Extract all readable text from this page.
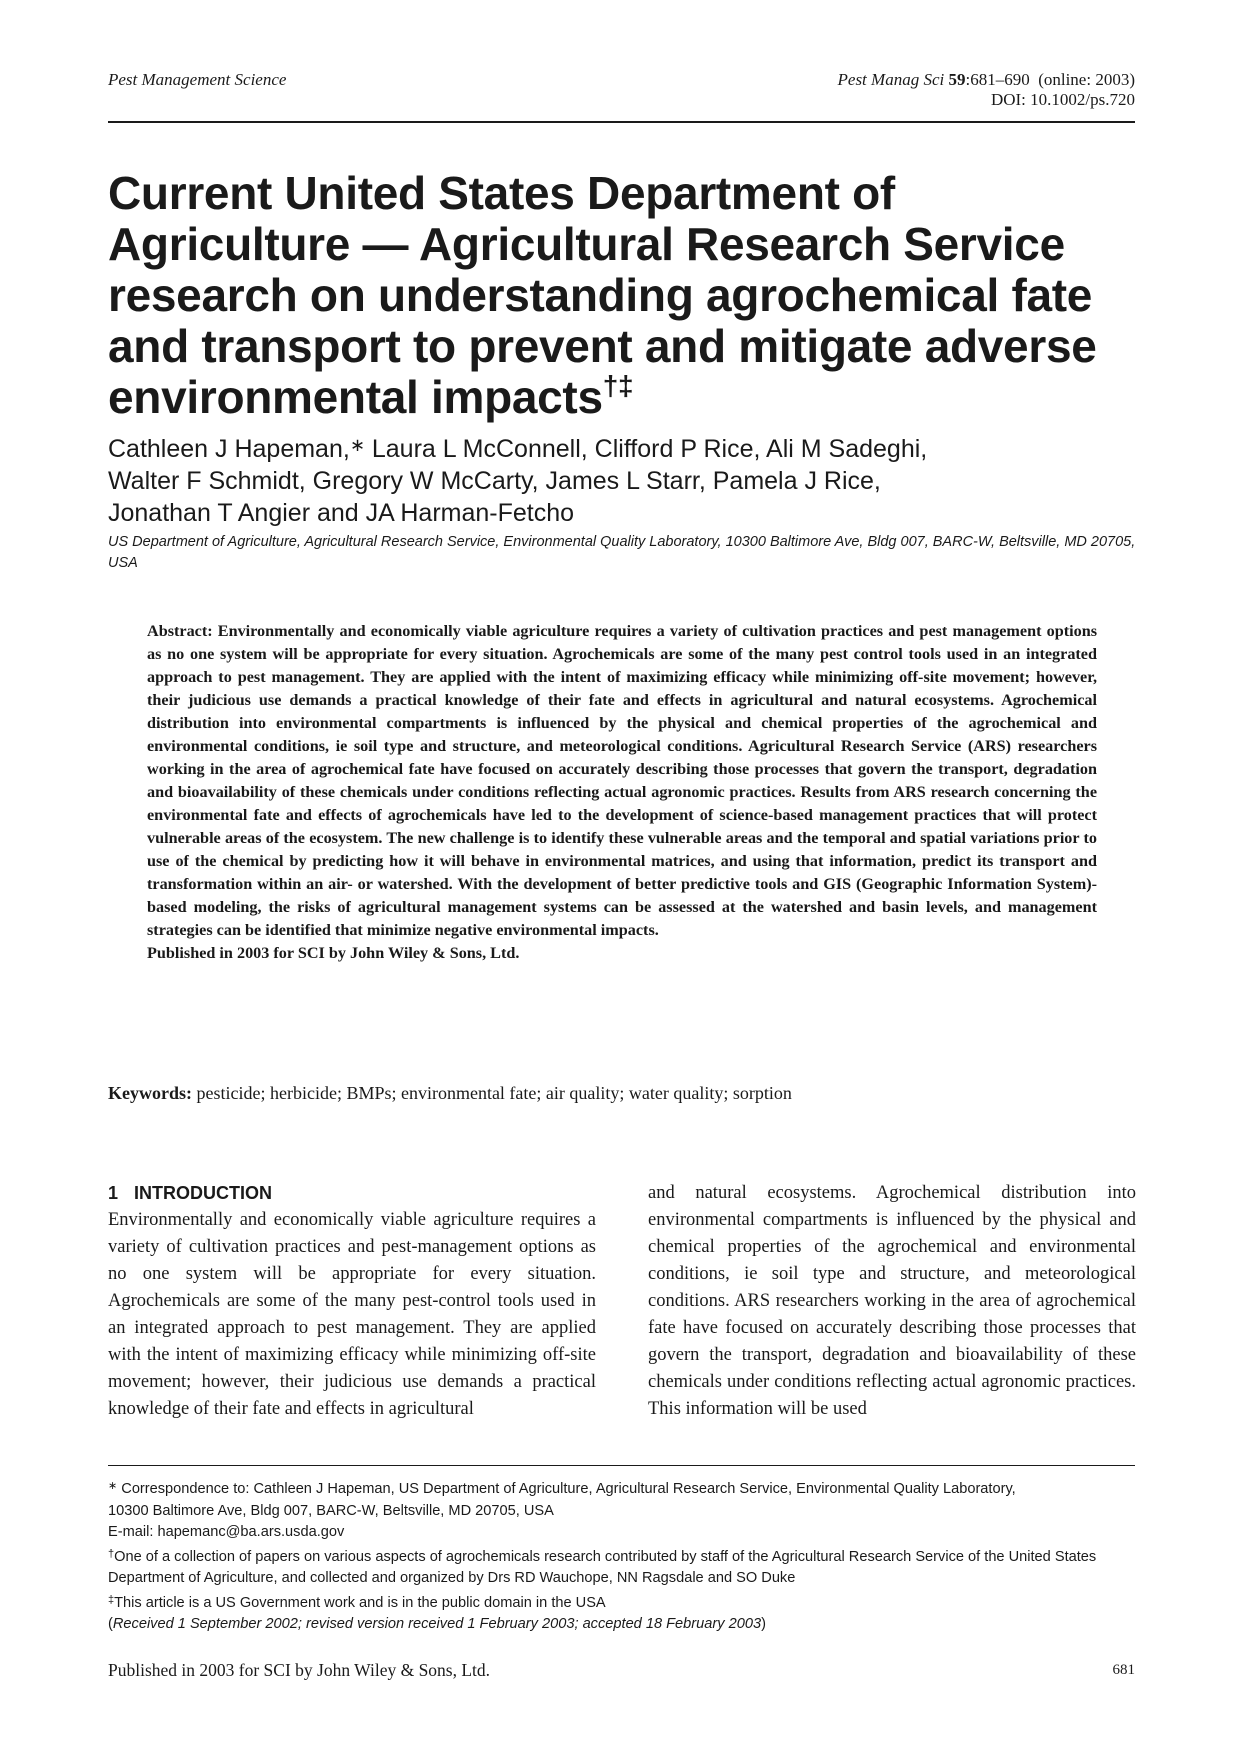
Pest Management Science	Pest Manag Sci 59:681–690 (online: 2003)
DOI: 10.1002/ps.720
Current United States Department of
Agriculture — Agricultural Research Service
research on understanding agrochemical fate
and transport to prevent and mitigate adverse
environmental impacts†‡
Cathleen J Hapeman,∗ Laura L McConnell, Clifford P Rice, Ali M Sadeghi,
Walter F Schmidt, Gregory W McCarty, James L Starr, Pamela J Rice,
Jonathan T Angier and JA Harman-Fetcho
US Department of Agriculture, Agricultural Research Service, Environmental Quality Laboratory, 10300 Baltimore Ave, Bldg 007, BARC-W, Beltsville, MD 20705, USA

Abstract: Environmentally and economically viable agriculture requires a variety of cultivation practices and pest management options as no one system will be appropriate for every situation. Agrochemicals are some of the many pest control tools used in an integrated approach to pest management. They are applied with the intent of maximizing efficacy while minimizing off-site movement; however, their judicious use demands a practical knowledge of their fate and effects in agricultural and natural ecosystems. Agrochemical distribution into environmental compartments is influenced by the physical and chemical properties of the agrochemical and environmental conditions, ie soil type and structure, and meteorological conditions. Agricultural Research Service (ARS) researchers working in the area of agrochemical fate have focused on accurately describing those processes that govern the transport, degradation and bioavailability of these chemicals under conditions reflecting actual agronomic practices. Results from ARS research concerning the environmental fate and effects of agrochemicals have led to the development of science-based management practices that will protect vulnerable areas of the ecosystem. The new challenge is to identify these vulnerable areas and the temporal and spatial variations prior to use of the chemical by predicting how it will behave in environmental matrices, and using that information, predict its transport and transformation within an air- or watershed. With the development of better predictive tools and GIS (Geographic Information System)-based modeling, the risks of agricultural management systems can be assessed at the watershed and basin levels, and management strategies can be identified that minimize negative environmental impacts.

Published in 2003 for SCI by John Wiley & Sons, Ltd.

Keywords: pesticide; herbicide; BMPs; environmental fate; air quality; water quality; sorption
1 INTRODUCTION
Environmentally and economically viable agriculture requires a variety of cultivation practices and pest-management options as no one system will be appropriate for every situation. Agrochemicals are some of the many pest-control tools used in an integrated approach to pest management. They are applied with the intent of maximizing efficacy while minimizing off-site movement; however, their judicious use demands a practical knowledge of their fate and effects in agricultural
and natural ecosystems. Agrochemical distribution into environmental compartments is influenced by the physical and chemical properties of the agrochemical and environmental conditions, ie soil type and structure, and meteorological conditions. ARS researchers working in the area of agrochemical fate have focused on accurately describing those processes that govern the transport, degradation and bioavailability of these chemicals under conditions reflecting actual agronomic practices. This information will be used

∗ Correspondence to: Cathleen J Hapeman, US Department of Agriculture, Agricultural Research Service, Environmental Quality Laboratory,

10300 Baltimore Ave, Bldg 007, BARC-W, Beltsville, MD 20705, USA

E-mail: hapemanc@ba.ars.usda.gov

†One of a collection of papers on various aspects of agrochemicals research contributed by staff of the Agricultural Research Service of the United States Department of Agriculture, and collected and organized by Drs RD Wauchope, NN Ragsdale and SO Duke

‡This article is a US Government work and is in the public domain in the USA

(Received 1 September 2002; revised version received 1 February 2003; accepted 18 February 2003)

Published in 2003 for SCI by John Wiley & Sons, Ltd.	681
